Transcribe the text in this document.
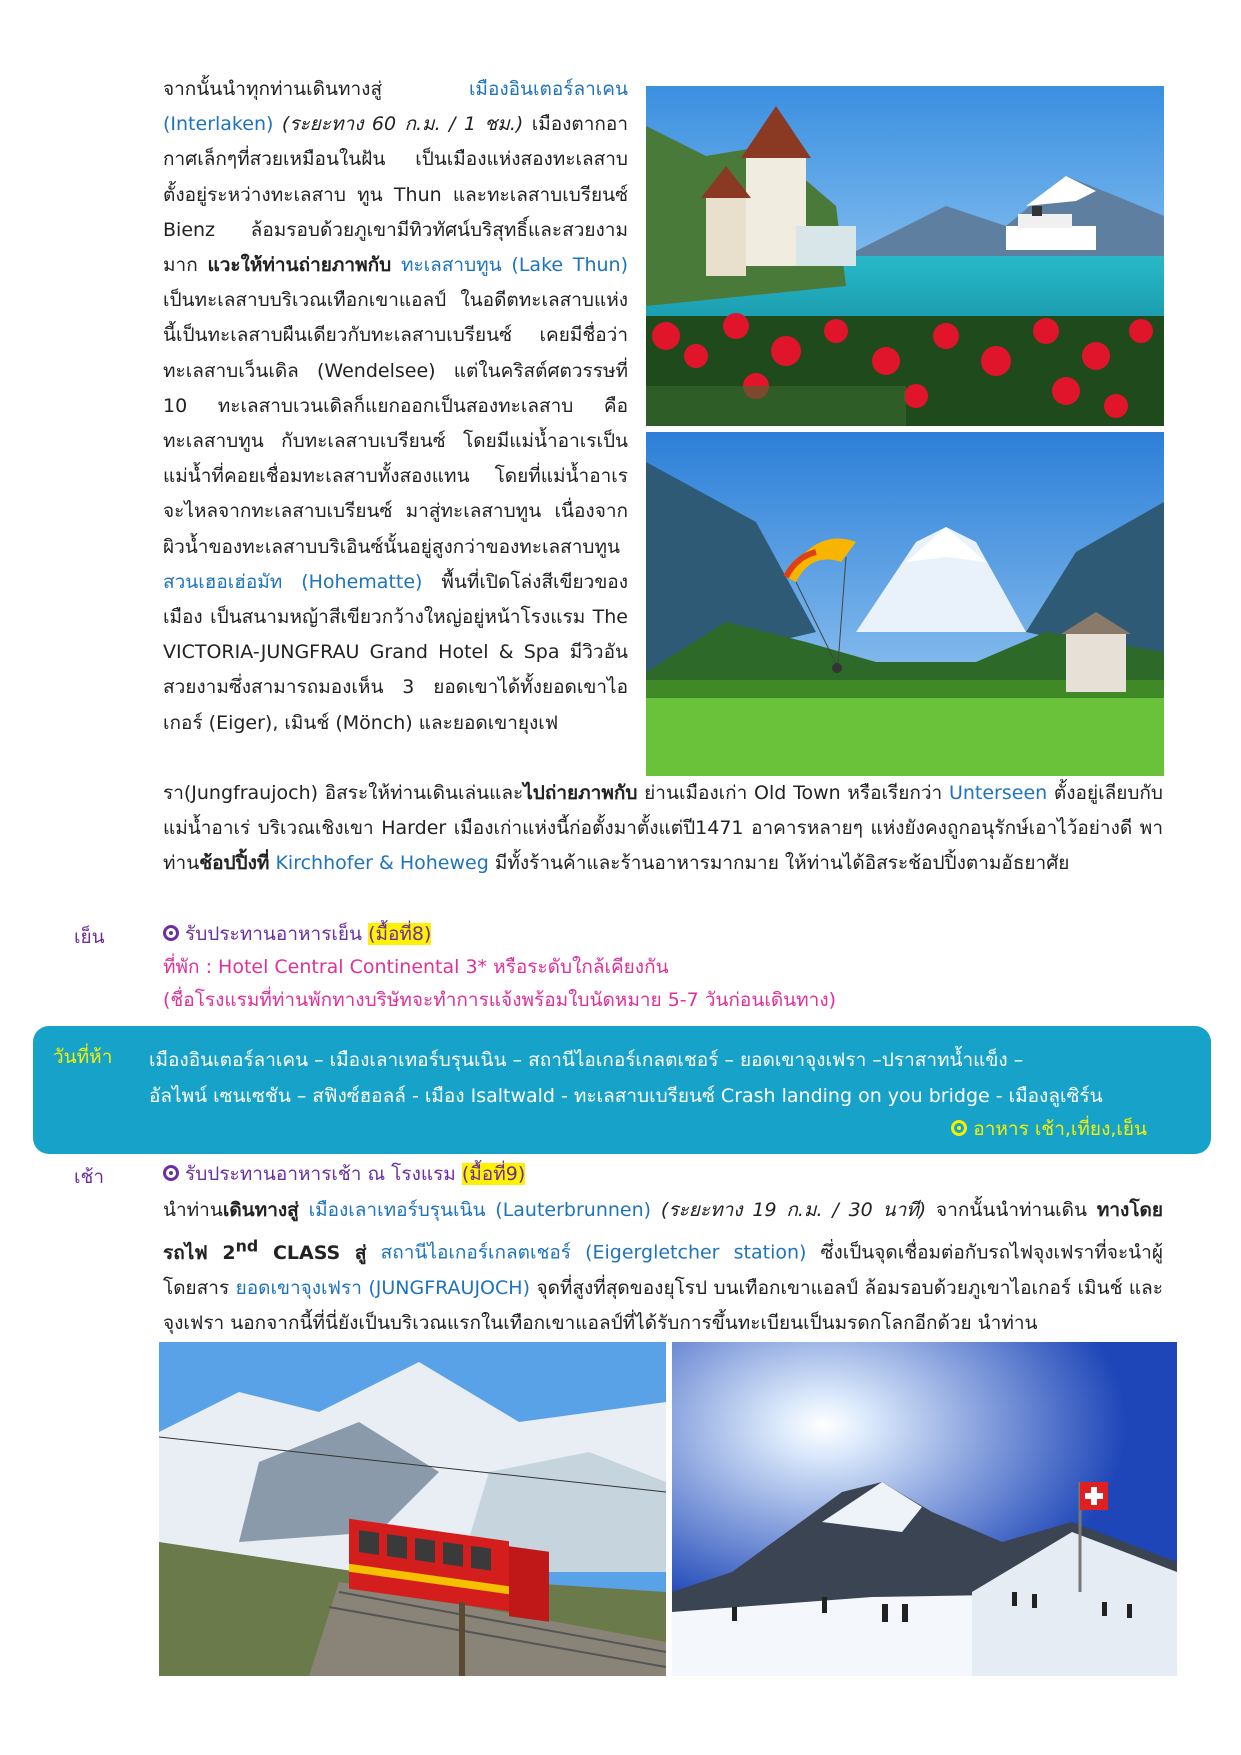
จากนั้นนำทุกท่านเดินทางสู่ เมืองอินเตอร์ลาเคน (Interlaken) (ระยะทาง 60 ก.ม. / 1 ชม.) เมืองตากอากาศเล็กๆที่สวยเหมือนในฝัน เป็นเมืองแห่งสองทะเลสาบ ตั้งอยู่ระหว่างทะเลสาบ ทูน Thun และทะเลสาบเบรียนซ์ Bienz ล้อมรอบด้วยภูเขามีทิวทัศน์บริสุทธิ์และสวยงามมาก แวะให้ท่านถ่ายภาพกับ ทะเลสาบทูน (Lake Thun) เป็นทะเลสาบบริเวณเทือกเขาแอลป์ ในอดีตทะเลสาบแห่งนี้เป็นทะเลสาบผืนเดียวกับทะเลสาบเบรียนซ์ เคยมีชื่อว่า ทะเลสาบเว็นเดิล (Wendelsee) แต่ในคริสต์ศตวรรษที่ 10 ทะเลสาบเวนเดิลก็แยกออกเป็นสองทะเลสาบ คือทะเลสาบทูน กับทะเลสาบเบรียนซ์ โดยมีแม่น้ำอาเรเป็นแม่น้ำที่คอยเชื่อมทะเลสาบทั้งสองแทน โดยที่แม่น้ำอาเรจะไหลจากทะเลสาบเบรียนซ์ มาสู่ทะเลสาบทูน เนื่องจากผิวน้ำของทะเลสาบบริเอินซ์นั้นอยู่สูงกว่าของทะเลสาบทูน สวนเฮอเฮ่อมัท (Hohematte) พื้นที่เปิดโล่งสีเขียวของเมือง เป็นสนามหญ้าสีเขียวกว้างใหญ่อยู่หน้าโรงแรม The VICTORIA-JUNGFRAU Grand Hotel & Spa มีวิวอันสวยงามซึ่งสามารถมองเห็น 3 ยอดเขาได้ทั้งยอดเขาไอเกอร์ (Eiger), เมินช์ (Mönch) และยอดเขายุงเฟ

รา(Jungfraujoch) อิสระให้ท่านเดินเล่นและไปถ่ายภาพกับ ย่านเมืองเก่า Old Town หรือเรียกว่า Unterseen ตั้งอยู่เลียบกับแม่น้ำอาเร่ บริเวณเชิงเขา Harder เมืองเก่าแห่งนี้ก่อตั้งมาตั้งแต่ปี1471 อาคารหลายๆ แห่งยังคงถูกอนุรักษ์เอาไว้อย่างดี พาท่านช้อปปิ้งที่ Kirchhofer & Hoheweg มีทั้งร้านค้าและร้านอาหารมากมาย ให้ท่านได้อิสระช้อปปิ้งตามอัธยาศัย

เย็น	รับประทานอาหารเย็น (มื้อที่8)
ที่พัก : Hotel Central Continental 3* หรือระดับใกล้เคียงกัน
(ชื่อโรงแรมที่ท่านพักทางบริษัทจะทำการแจ้งพร้อมใบนัดหมาย 5-7 วันก่อนเดินทาง)
วันที่ห้า เมืองอินเตอร์ลาเคน – เมืองเลาเทอร์บรุนเนิน – สถานีไอเกอร์เกลตเชอร์ – ยอดเขาจุงเฟรา –ปราสาทน้ำแข็ง –
อัลไพน์ เซนเซชัน – สฟิงซ์ฮอลล์ - เมือง Isaltwald - ทะเลสาบเบรียนซ์ Crash landing on you bridge - เมืองลูเซิร์น
อาหาร เช้า,เที่ยง,เย็น
เช้า	รับประทานอาหารเช้า ณ โรงแรม (มื้อที่9)

นำท่านเดินทางสู่ เมืองเลาเทอร์บรุนเนิน (Lauterbrunnen) (ระยะทาง 19 ก.ม. / 30 นาที) จากนั้นนำท่านเดิน ทางโดยรถไฟ 2nd CLASS สู่ สถานีไอเกอร์เกลตเชอร์ (Eigergletcher station) ซึ่งเป็นจุดเชื่อมต่อกับรถไฟจุงเฟราที่จะนำผู้โดยสาร ยอดเขาจุงเฟรา (JUNGFRAUJOCH) จุดที่สูงที่สุดของยุโรป บนเทือกเขาแอลป์ ล้อมรอบด้วยภูเขาไอเกอร์ เมินช์ และจุงเฟรา นอกจากนี้ที่นี่ยังเป็นบริเวณแรกในเทือกเขาแอลป์ที่ได้รับการขึ้นทะเบียนเป็นมรดกโลกอีกด้วย นำท่าน
